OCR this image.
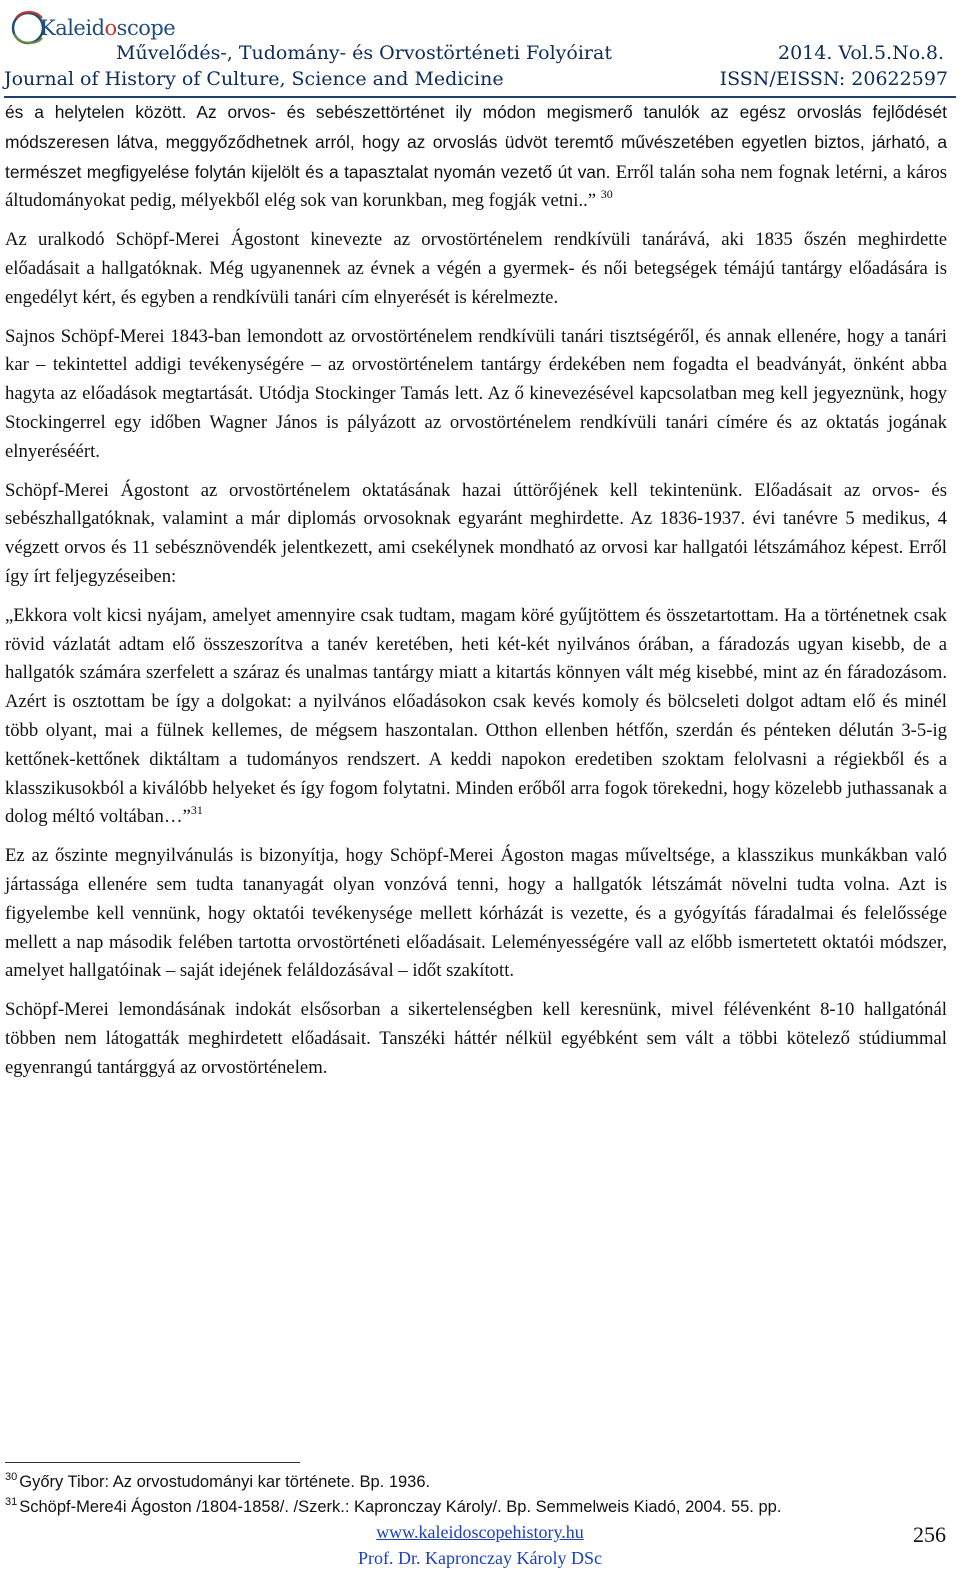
Kaleidoscope
Művelődés-, Tudomány- és Orvostörténeti Folyóirat
Journal of History of Culture, Science and Medicine
2014. Vol.5.No.8.
ISSN/EISSN: 20622597

és a helytelen között. Az orvos- és sebészettörténet ily módon megismerő tanulók az egész orvoslás fejlődését módszeresen látva, meggyőződhetnek arról, hogy az orvoslás üdvöt teremtő művészetében egyetlen biztos, járható, a természet megfigyelése folytán kijelölt és a tapasztalat nyomán vezető út van. Erről talán soha nem fognak letérni, a káros áltudományokat pedig, mélyekből elég sok van korunkban, meg fogják vetni..” $^{30}$

Az uralkodó Schöpf-Merei Ágostont kinevezte az orvostörténelem rendkívüli tanárává, aki 1835 őszén meghirdette előadásait a hallgatóknak. Még ugyanennek az évnek a végén a gyermek- és női betegségek témájú tantárgy előadására is engedélyt kért, és egyben a rendkívüli tanári cím elnyerését is kérelmezte.

Sajnos Schöpf-Merei 1843-ban lemondott az orvostörténelem rendkívüli tanári tisztségéről, és annak ellenére, hogy a tanári kar – tekintettel addigi tevékenységére – az orvostörténelem tantárgy érdekében nem fogadta el beadványát, önként abba hagyta az előadások megtartását. Utódja Stockinger Tamás lett. Az ő kinevezésével kapcsolatban meg kell jegyeznünk, hogy Stockingerrel egy időben Wagner János is pályázott az orvostörténelem rendkívüli tanári címére és az oktatás jogának elnyeréséért.

Schöpf-Merei Ágostont az orvostörténelem oktatásának hazai úttörőjének kell tekintenünk. Előadásait az orvos- és sebészhallgatóknak, valamint a már diplomás orvosoknak egyaránt meghirdette. Az 1836-1937. évi tanévre 5 medikus, 4 végzett orvos és 11 sebésznövendék jelentkezett, ami csekélynek mondható az orvosi kar hallgatói létszámához képest. Erről így írt feljegyzéseiben:

„Ekkora volt kicsi nyájam, amelyet amennyire csak tudtam, magam köré gyűjtöttem és összetartottam. Ha a történetnek csak rövid vázlatát adtam elő összeszorítva a tanév keretében, heti két-két nyilvános órában, a fáradozás ugyan kisebb, de a hallgatók számára szerfelett a száraz és unalmas tantárgy miatt a kitartás könnyen vált még kisebbé, mint az én fáradozásom. Azért is osztottam be így a dolgokat: a nyilvános előadásokon csak kevés komoly és bölcseleti dolgot adtam elő és minél több olyant, mai a fülnek kellemes, de mégsem haszontalan. Otthon ellenben hétfőn, szerdán és pénteken délután 3-5-ig kettőnek-kettőnek diktáltam a tudományos rendszert. A keddi napokon eredetiben szoktam felolvasni a régiekből és a klasszikusokból a kiválóbb helyeket és így fogom folytatni. Minden erőből arra fogok törekedni, hogy közelebb juthassanak a dolog méltó voltában…”$^{31}$

Ez az őszinte megnyilvánulás is bizonyítja, hogy Schöpf-Merei Ágoston magas műveltsége, a klasszikus munkákban való jártassága ellenére sem tudta tananyagát olyan vonzóvá tenni, hogy a hallgatók létszámát növelni tudta volna. Azt is figyelembe kell vennünk, hogy oktatói tevékenysége mellett kórházát is vezette, és a gyógyítás fáradalmai és felelőssége mellett a nap második felében tartotta orvostörténeti előadásait. Leleményességére vall az előbb ismertetett oktatói módszer, amelyet hallgatóinak – saját idejének feláldozásával – időt szakított.

Schöpf-Merei lemondásának indokát elsősorban a sikertelenségben kell keresnünk, mivel félévenként 8-10 hallgatónál többen nem látogatták meghirdetett előadásait. Tanszéki háttér nélkül egyébként sem vált a többi kötelező stúdiummal egyenrangú tantárggyá az orvostörténelem.

$^{30}$ Győry Tibor: Az orvostudományi kar története. Bp. 1936.
$^{31}$ Schöpf-Mere4i Ágoston /1804-1858/. /Szerk.: Kapronczay Károly/. Bp. Semmelweis Kiadó, 2004. 55. pp.
www.kaleidoscopehistory.hu
Prof. Dr. Kapronczay Károly DSc
256
